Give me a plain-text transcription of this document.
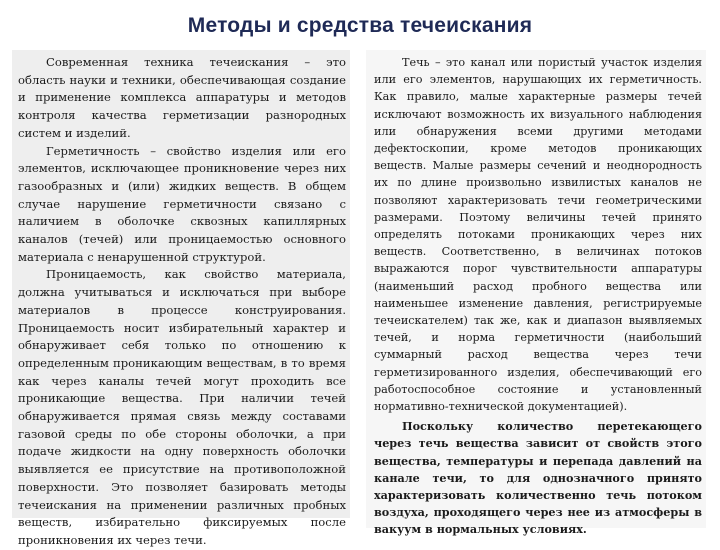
Методы и средства течеискания

Современная техника течеискания – это область науки и техники, обеспечивающая создание и применение комплекса аппаратуры и методов контроля качества герметизации разнородных систем и изделий.

Герметичность – свойство изделия или его элементов, исключающее проникновение через них газообразных и (или) жидких веществ. В общем случае нарушение герметичности связано с наличием в оболочке сквозных капиллярных каналов (течей) или проницаемостью основного материала с ненарушенной структурой.

Проницаемость, как свойство материала, должна учитываться и исключаться при выборе материалов в процессе конструирования. Проницаемость носит избирательный характер и обнаруживает себя только по отношению к определенным проникающим веществам, в то время как через каналы течей могут проходить все проникающие вещества. При наличии течей обнаруживается прямая связь между составами газовой среды по обе стороны оболочки, а при подаче жидкости на одну поверхность оболочки выявляется ее присутствие на противоположной поверхности. Это позволяет базировать методы течеискания на применении различных пробных веществ, избирательно фиксируемых после проникновения их через течи.

Течь – это канал или пористый участок изделия или его элементов, нарушающих их герметичность. Как правило, малые характерные размеры течей исключают возможность их визуального наблюдения или обнаружения всеми другими методами дефектоскопии, кроме методов проникающих веществ. Малые размеры сечений и неоднородность их по длине произвольно извилистых каналов не позволяют характеризовать течи геометрическими размерами. Поэтому величины течей принято определять потоками проникающих через них веществ. Соответственно, в величинах потоков выражаются порог чувствительности аппаратуры (наименьший расход пробного вещества или наименьшее изменение давления, регистрируемые течеискателем) так же, как и диапазон выявляемых течей, и норма герметичности (наибольший суммарный расход вещества через течи герметизированного изделия, обеспечивающий его работоспособное состояние и установленный нормативно-технической документацией).

Поскольку количество перетекающего через течь вещества зависит от свойств этого вещества, температуры и перепада давлений на канале течи, то для однозначного принято характеризовать количественно течь потоком воздуха, проходящего через нее из атмосферы в вакуум в нормальных условиях.
